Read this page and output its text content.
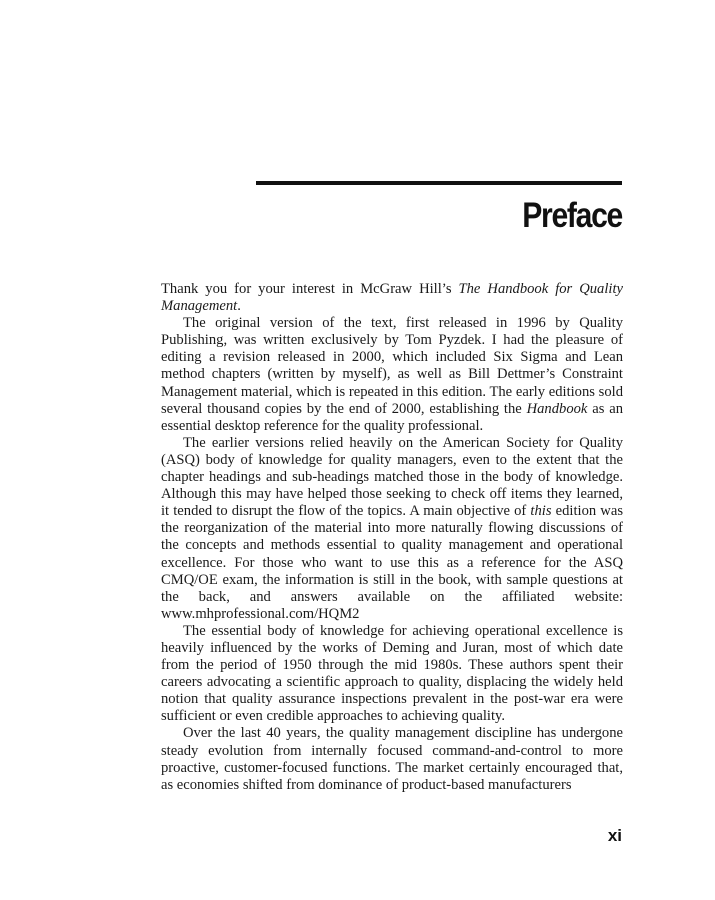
Preface

Thank you for your interest in McGraw Hill’s The Handbook for Quality Management.

The original version of the text, first released in 1996 by Quality Publishing, was written exclusively by Tom Pyzdek. I had the pleasure of editing a revision released in 2000, which included Six Sigma and Lean method chapters (written by myself), as well as Bill Dettmer’s Constraint Management material, which is repeated in this edition. The early editions sold several thousand copies by the end of 2000, establishing the Handbook as an essential desktop reference for the quality professional.

The earlier versions relied heavily on the American Society for Quality (ASQ) body of knowledge for quality managers, even to the extent that the chapter headings and sub-headings matched those in the body of knowledge. Although this may have helped those seeking to check off items they learned, it tended to disrupt the flow of the topics. A main objective of this edition was the reorganization of the material into more naturally flowing discussions of the concepts and methods essential to quality management and operational excellence. For those who want to use this as a reference for the ASQ CMQ/OE exam, the information is still in the book, with sample questions at the back, and answers available on the affiliated website: www.mhprofessional.com/HQM2

The essential body of knowledge for achieving operational excellence is heavily influenced by the works of Deming and Juran, most of which date from the period of 1950 through the mid 1980s. These authors spent their careers advocating a scientific approach to quality, displacing the widely held notion that quality assurance inspections prevalent in the post-war era were sufficient or even credible approaches to achieving quality.

Over the last 40 years, the quality management discipline has undergone steady evolution from internally focused command-and-control to more proactive, customer-focused functions. The market certainly encouraged that, as economies shifted from dominance of product-based manufacturers

xi
